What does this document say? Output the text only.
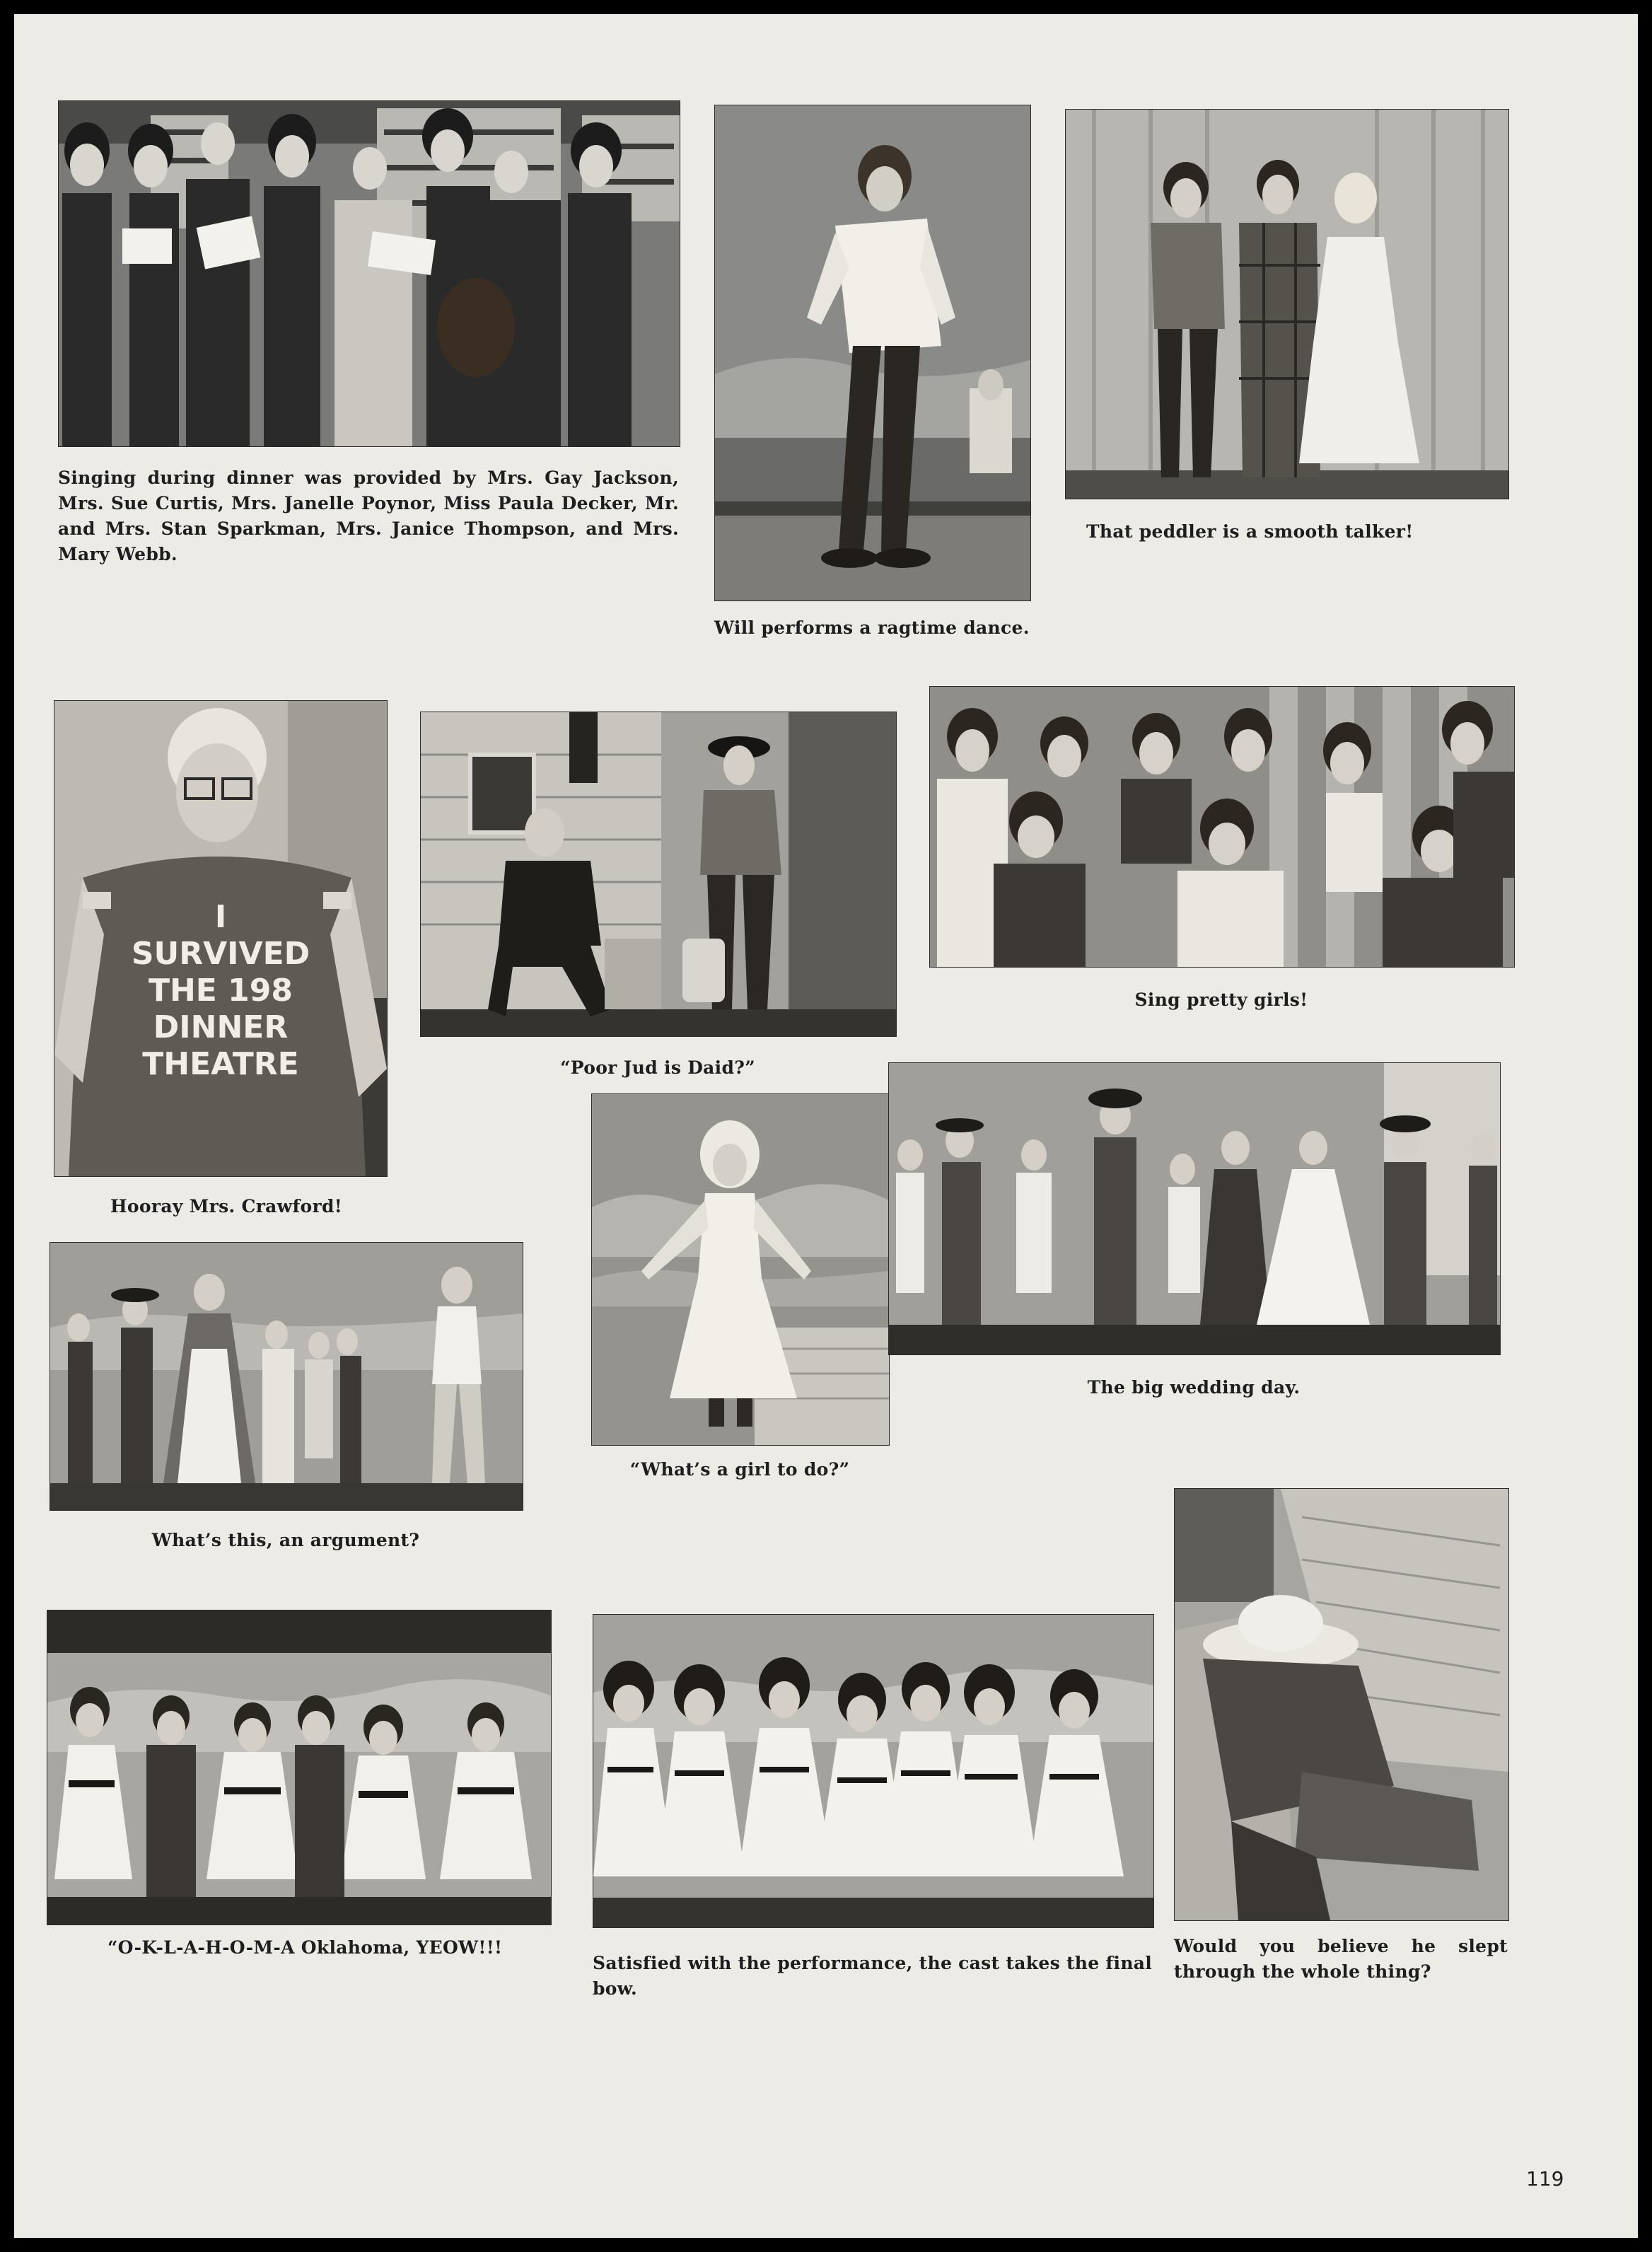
Singing during dinner was provided by Mrs. Gay Jackson, Mrs. Sue Curtis, Mrs. Janelle Poynor, Miss Paula Decker, Mr. and Mrs. Stan Sparkman, Mrs. Janice Thompson, and Mrs. Mary Webb.
Will performs a ragtime dance.
That peddler is a smooth talker!
I
SURVIVED
THE 198
DINNER
THEATRE
Hooray Mrs. Crawford!
“Poor Jud is Daid?”
Sing pretty girls!
“What’s a girl to do?”
The big wedding day.
What’s this, an argument?
Would you believe he slept through the whole thing?
“O-K-L-A-H-O-M-A Oklahoma, YEOW!!!
Satisfied with the performance, the cast takes the final bow.
119
